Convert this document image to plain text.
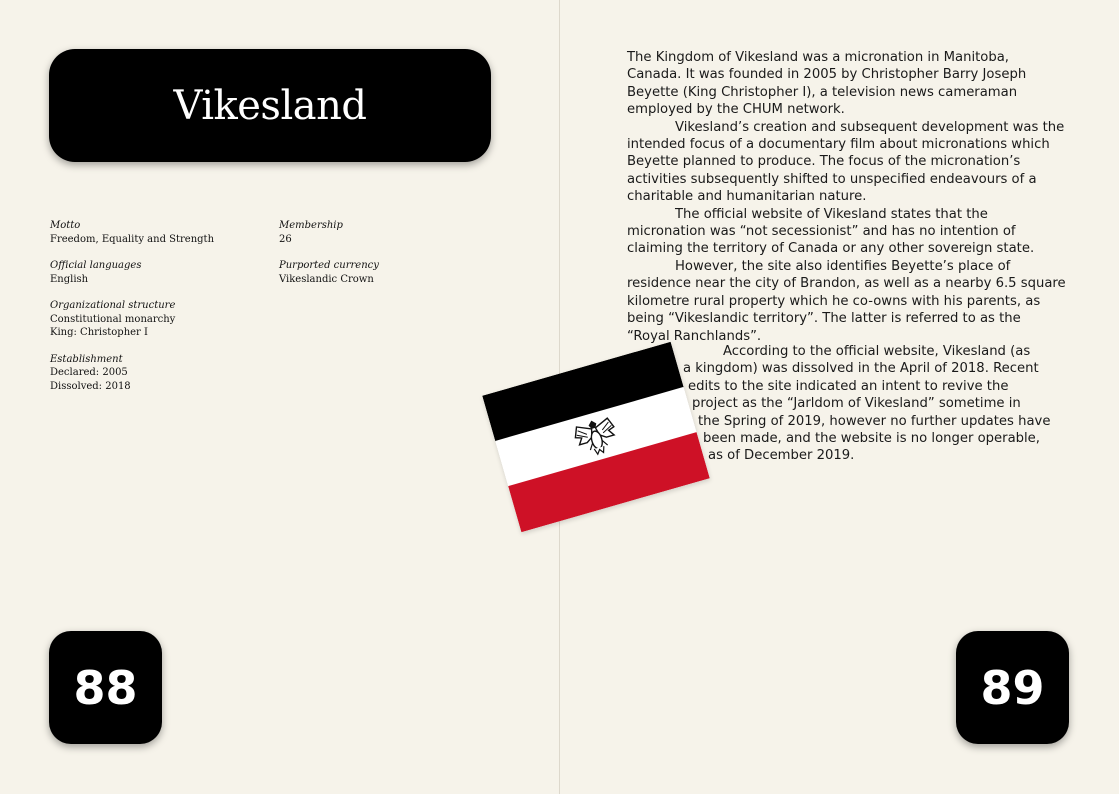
Vikesland
Motto
Freedom, Equality and Strength
Official languages
English
Organizational structure
Constitutional monarchy
King: Christopher I
Establishment
Declared: 2005
Dissolved: 2018
Membership
26
Purported currency
Vikeslandic Crown
88	89

The Kingdom of Vikesland was a micronation in Manitoba, Canada. It was founded in 2005 by Christopher Barry Joseph Beyette (King Christopher I), a television news cameraman employed by the CHUM network.

Vikesland’s creation and subsequent development was the intended focus of a documentary film about micronations which Beyette planned to produce. The focus of the micronation’s activities subsequently shifted to unspecified endeavours of a charitable and humanitarian nature.

The official website of Vikesland states that the micronation was “not secessionist” and has no intention of claiming the territory of Canada or any other sovereign state.

However, the site also identifies Beyette’s place of residence near the city of Brandon, as well as a nearby 6.5 square kilometre rural property which he co-owns with his parents, as being “Vikeslandic territory”. The latter is referred to as the “Royal Ranchlands”.

According to the official website, Vikesland (as
a kingdom) was dissolved in the April of 2018. Recent
edits to the site indicated an intent to revive the
project as the “Jarldom of Vikesland” sometime in
the Spring of 2019, however no further updates have
been made, and the website is no longer operable,
as of December 2019.
